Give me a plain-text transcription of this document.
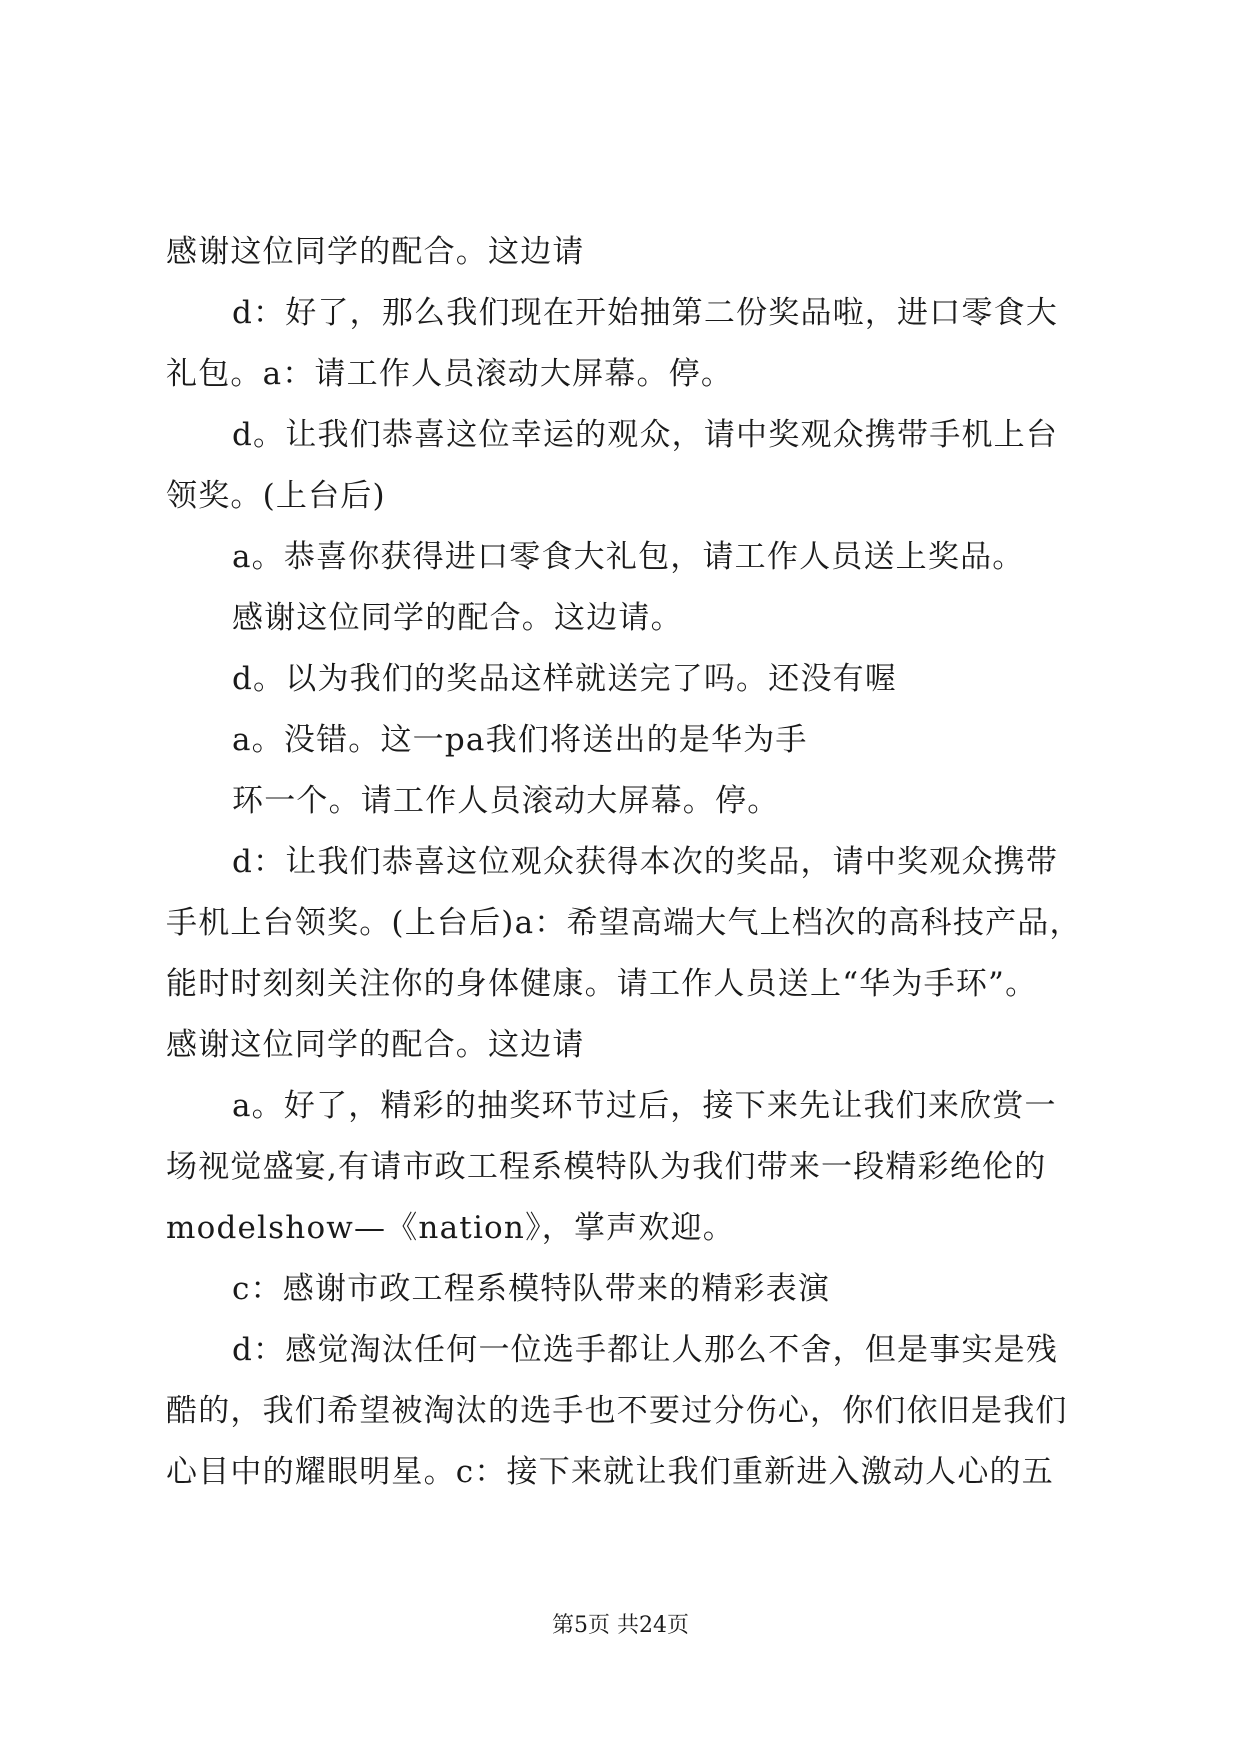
感谢这位同学的配合。这边请
d：好了，那么我们现在开始抽第二份奖品啦，进口零食大
礼包。a：请工作人员滚动大屏幕。停。
d。让我们恭喜这位幸运的观众，请中奖观众携带手机上台
领奖。(上台后)
a。恭喜你获得进口零食大礼包，请工作人员送上奖品。
感谢这位同学的配合。这边请。
d。以为我们的奖品这样就送完了吗。还没有喔
a。没错。这一pa我们将送出的是华为手
环一个。请工作人员滚动大屏幕。停。
d：让我们恭喜这位观众获得本次的奖品，请中奖观众携带
手机上台领奖。(上台后)a：希望高端大气上档次的高科技产品，
能时时刻刻关注你的身体健康。请工作人员送上“华为手环”。
感谢这位同学的配合。这边请
a。好了，精彩的抽奖环节过后，接下来先让我们来欣赏一
场视觉盛宴,有请市政工程系模特队为我们带来一段精彩绝伦的
modelshow—《nation》，掌声欢迎。
c：感谢市政工程系模特队带来的精彩表演
d：感觉淘汰任何一位选手都让人那么不舍，但是事实是残
酷的，我们希望被淘汰的选手也不要过分伤心，你们依旧是我们
心目中的耀眼明星。c：接下来就让我们重新进入激动人心的五
第5页 共24页
